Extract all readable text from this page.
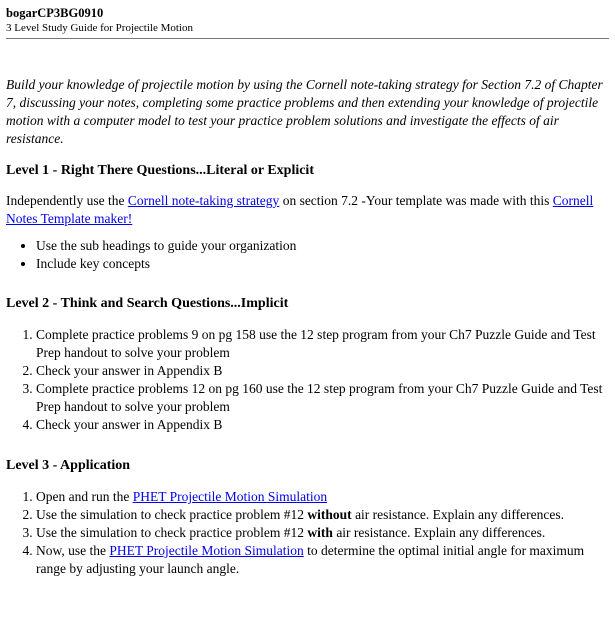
bogarCP3BG0910
3 Level Study Guide for Projectile Motion

Build your knowledge of projectile motion by using the Cornell note-taking strategy for Section 7.2 of Chapter 7, discussing your notes, completing some practice problems and then extending your knowledge of projectile motion with a computer model to test your practice problem solutions and investigate the effects of air resistance.

Level 1 - Right There Questions...Literal or Explicit

Independently use the Cornell note-taking strategy on section 7.2 -Your template was made with this Cornell Notes Template maker!

• Use the sub headings to guide your organization
• Include key concepts
Level 2 - Think and Search Questions...Implicit
1. Complete practice problems 9 on pg 158 use the 12 step program from your Ch7 Puzzle Guide and Test Prep handout to solve your problem
2. Check your answer in Appendix B
3. Complete practice problems 12 on pg 160 use the 12 step program from your Ch7 Puzzle Guide and Test Prep handout to solve your problem
4. Check your answer in Appendix B
Level 3 - Application
1. Open and run the PHET Projectile Motion Simulation
2. Use the simulation to check practice problem #12 without air resistance. Explain any differences.
3. Use the simulation to check practice problem #12 with air resistance. Explain any differences.
4. Now, use the PHET Projectile Motion Simulation to determine the optimal initial angle for maximum range by adjusting your launch angle.
